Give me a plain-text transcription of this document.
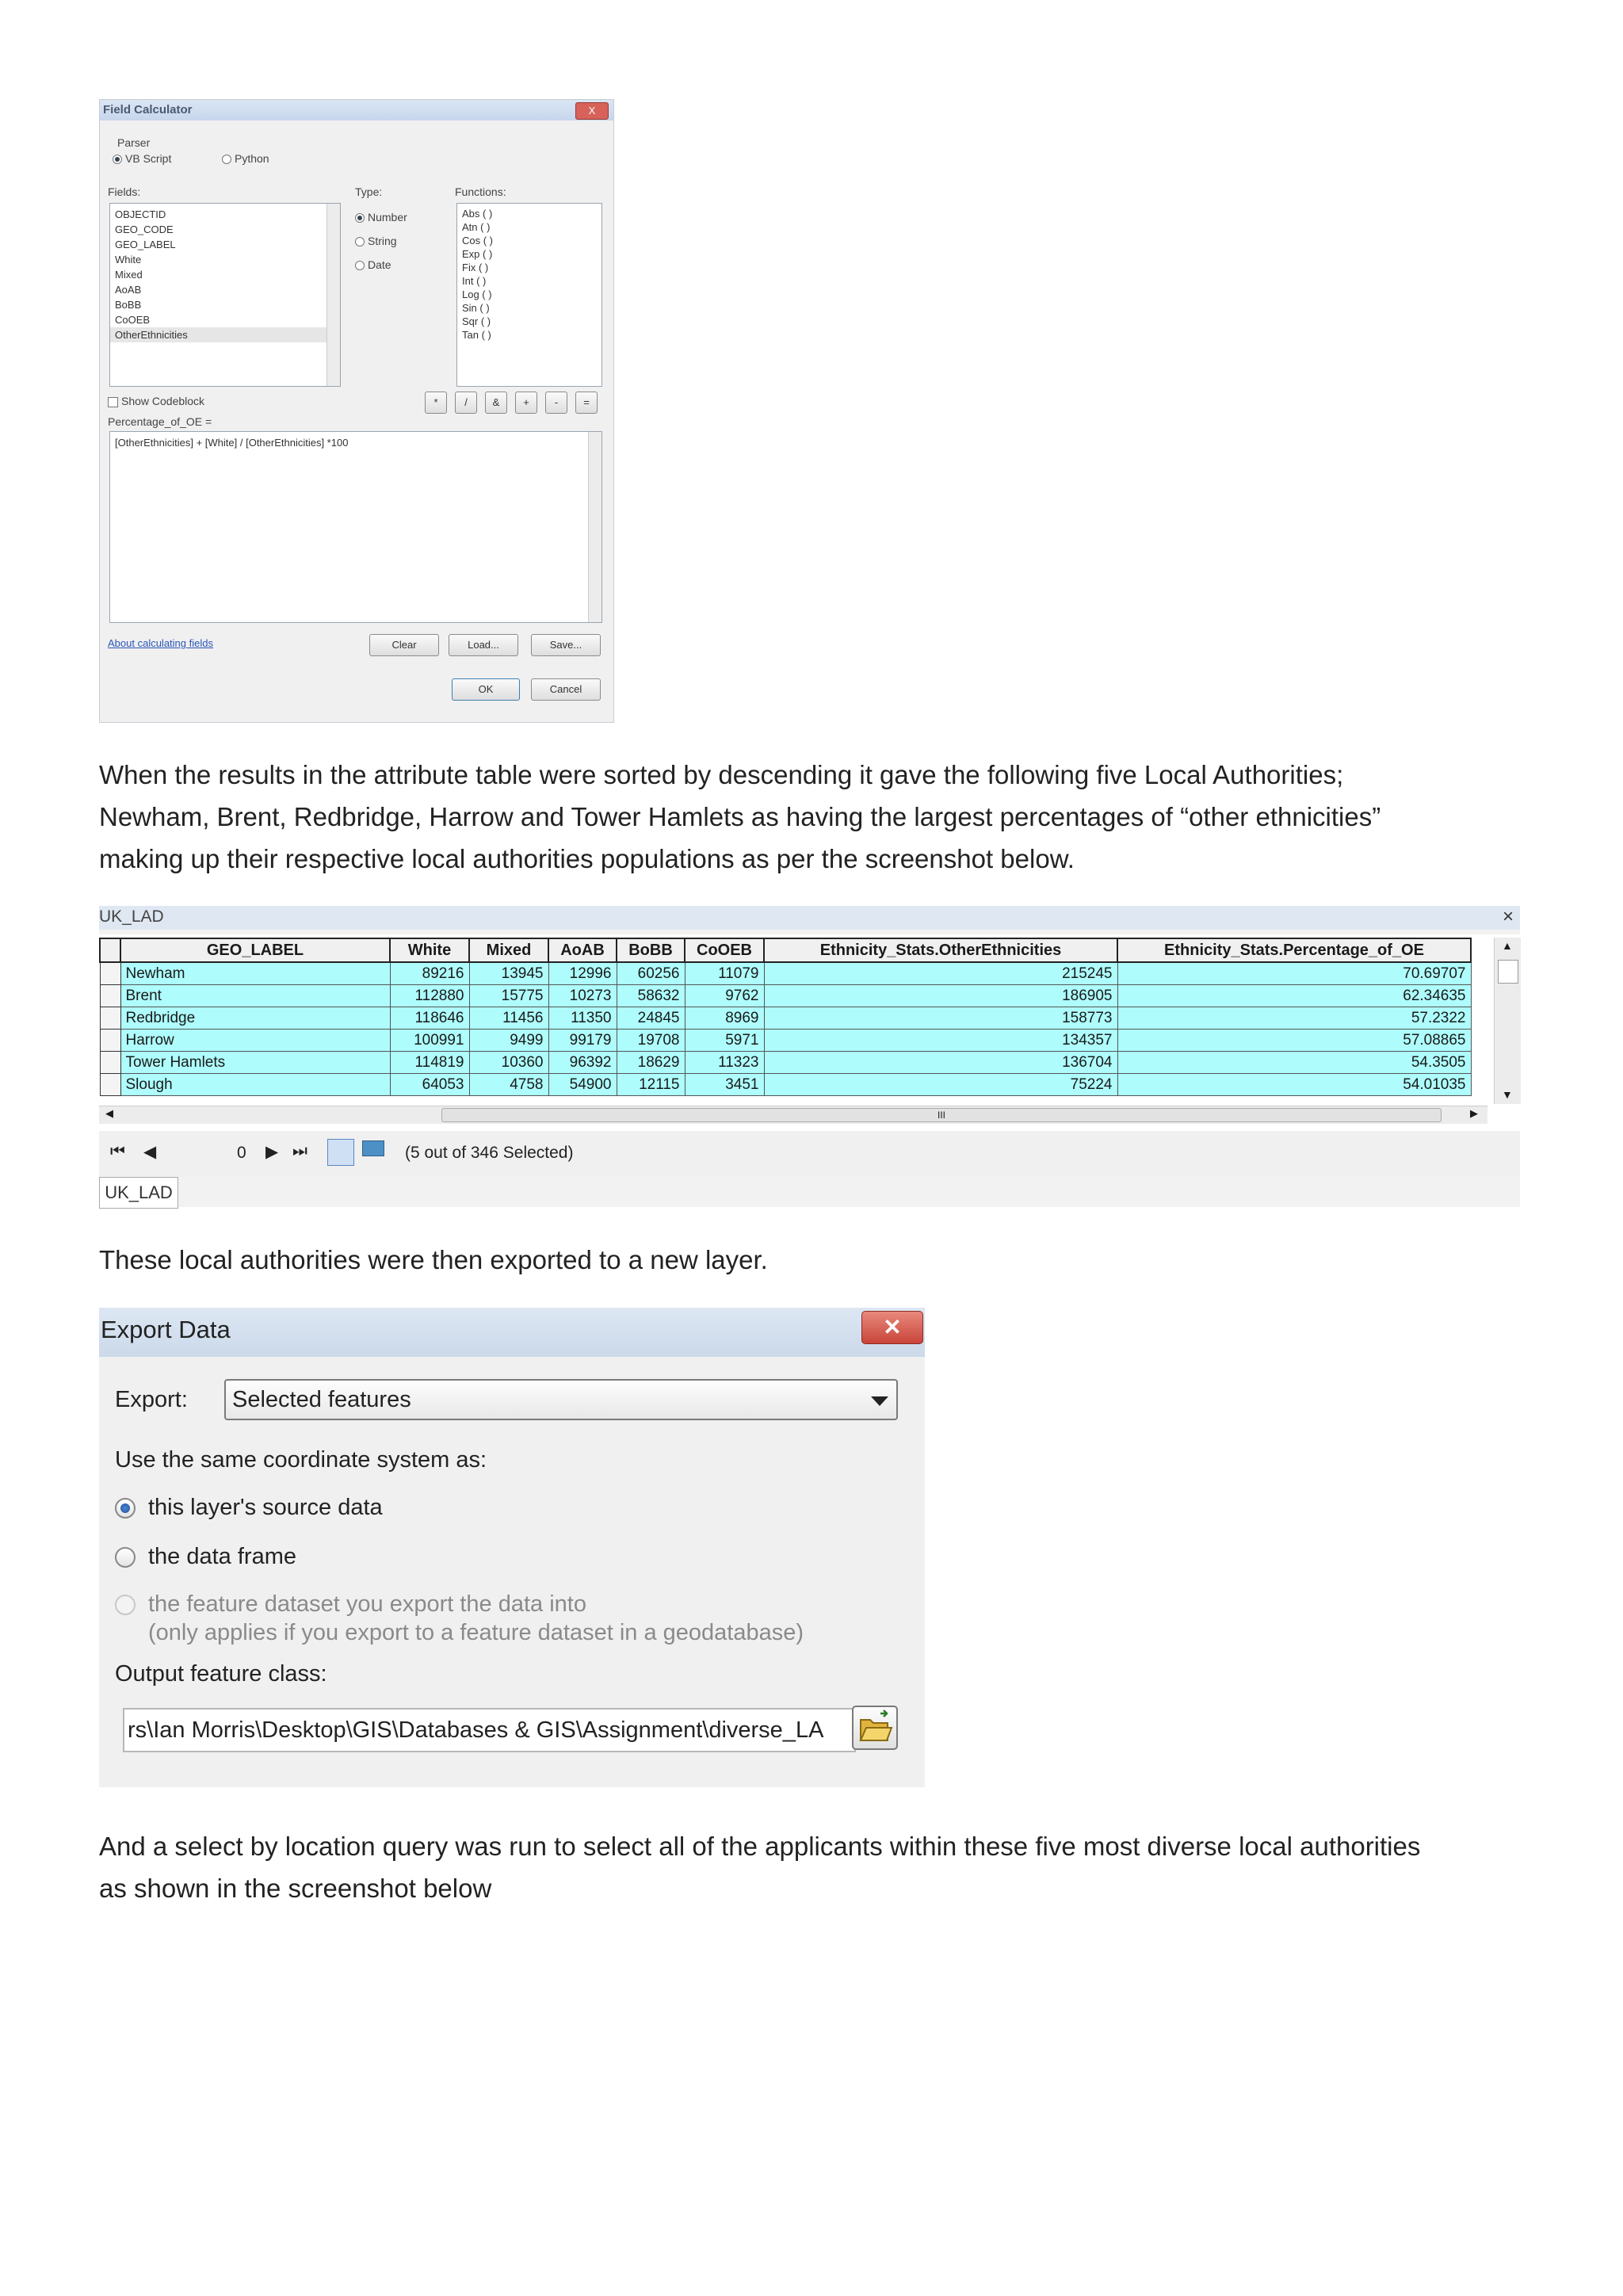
Field Calculator	X
Parser
VB Script	Python
Fields:	Type:	Functions:
OBJECTID
GEO_CODE
GEO_LABEL
White
Mixed
AoAB
BoBB
CoOEB
OtherEthnicities
Number
String
Date
Abs ( )
Atn ( )
Cos ( )
Exp ( )
Fix ( )
Int ( )
Log ( )
Sin ( )
Sqr ( )
Tan ( )
Show Codeblock	*	/	&	+	-	=
Percentage_of_OE =
[OtherEthnicities] + [White] / [OtherEthnicities] *100
About calculating fields	Clear	Load...	Save...
OK	Cancel
When the results in the attribute table were sorted by descending it gave the following five Local Authorities;
Newham, Brent, Redbridge, Harrow and Tower Hamlets as having the largest percentages of “other ethnicities”
making up their respective local authorities populations as per the screenshot below.
UK_LAD	×
	GEO_LABEL	White	Mixed	AoAB	BoBB	CoOEB	Ethnicity_Stats.OtherEthnicities	Ethnicity_Stats.Percentage_of_OE
	Newham	89216	13945	12996	60256	11079	215245	70.69707
	Brent	112880	15775	10273	58632	9762	186905	62.34635
	Redbridge	118646	11456	11350	24845	8969	158773	57.2322
	Harrow	100991	9499	99179	19708	5971	134357	57.08865
	Tower Hamlets	114819	10360	96392	18629	11323	136704	54.3505
	Slough	64053	4758	54900	12115	3451	75224	54.01035
▲
▼
◀	III	▶
⏮ ◀	0 ▶ ⏭	(5 out of 346 Selected)
UK_LAD
These local authorities were then exported to a new layer.
Export Data	✕
Export: Selected features
Use the same coordinate system as:
this layer's source data
the data frame
the feature dataset you export the data into
(only applies if you export to a feature dataset in a geodatabase)
Output feature class:
rs\Ian Morris\Desktop\GIS\Databases & GIS\Assignment\diverse_LA
And a select by location query was run to select all of the applicants within these five most diverse local authorities
as shown in the screenshot below
